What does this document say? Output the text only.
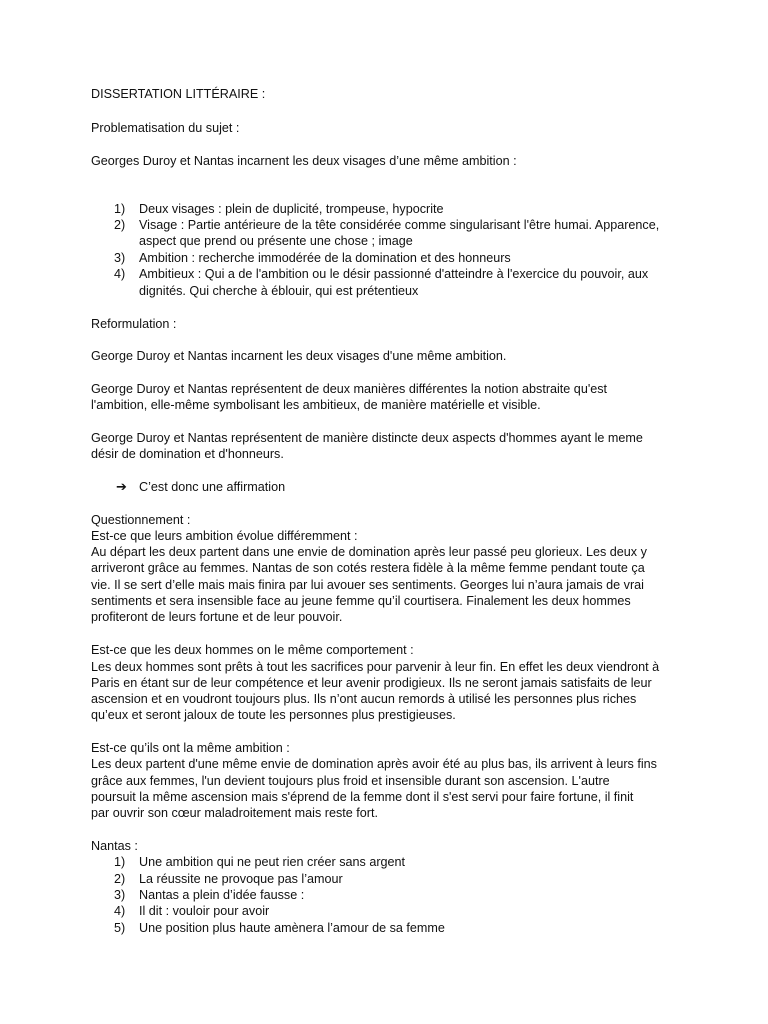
DISSERTATION LITTÉRAIRE :
Problematisation du sujet :
Georges Duroy et Nantas incarnent les deux visages d’une même ambition :
1) Deux visages : plein de duplicité, trompeuse, hypocrite
2) Visage : Partie antérieure de la tête considérée comme singularisant l'être humai. Apparence,
aspect que prend ou présente une chose ; image
3) Ambition : recherche immodérée de la domination et des honneurs
4) Ambitieux : Qui a de l'ambition ou le désir passionné d'atteindre à l'exercice du pouvoir, aux
dignités. Qui cherche à éblouir, qui est prétentieux
Reformulation :
George Duroy et Nantas incarnent les deux visages d'une même ambition.
George Duroy et Nantas représentent de deux manières différentes la notion abstraite qu'est
l'ambition, elle-même symbolisant les ambitieux, de manière matérielle et visible.
George Duroy et Nantas représentent de manière distincte deux aspects d'hommes ayant le meme
désir de domination et d'honneurs.
➔ C’est donc une affirmation
Questionnement :
Est-ce que leurs ambition évolue différemment :
Au départ les deux partent dans une envie de domination après leur passé peu glorieux. Les deux y
arriveront grâce au femmes. Nantas de son cotés restera fidèle à la même femme pendant toute ça
vie. Il se sert d’elle mais mais finira par lui avouer ses sentiments. Georges lui n’aura jamais de vrai
sentiments et sera insensible face au jeune femme qu’il courtisera. Finalement les deux hommes
profiteront de leurs fortune et de leur pouvoir.
Est-ce que les deux hommes on le même comportement :
Les deux hommes sont prêts à tout les sacrifices pour parvenir à leur fin. En effet les deux viendront à
Paris en étant sur de leur compétence et leur avenir prodigieux. Ils ne seront jamais satisfaits de leur
ascension et en voudront toujours plus. Ils n’ont aucun remords à utilisé les personnes plus riches
qu’eux et seront jaloux de toute les personnes plus prestigieuses.
Est-ce qu’ils ont la même ambition :
Les deux partent d'une même envie de domination après avoir été au plus bas, ils arrivent à leurs fins
grâce aux femmes, l'un devient toujours plus froid et insensible durant son ascension. L'autre
poursuit la même ascension mais s'éprend de la femme dont il s'est servi pour faire fortune, il finit
par ouvrir son cœur maladroitement mais reste fort.
Nantas :
1) Une ambition qui ne peut rien créer sans argent
2) La réussite ne provoque pas l’amour
3) Nantas a plein d’idée fausse :
4) Il dit : vouloir pour avoir
5) Une position plus haute amènera l’amour de sa femme
